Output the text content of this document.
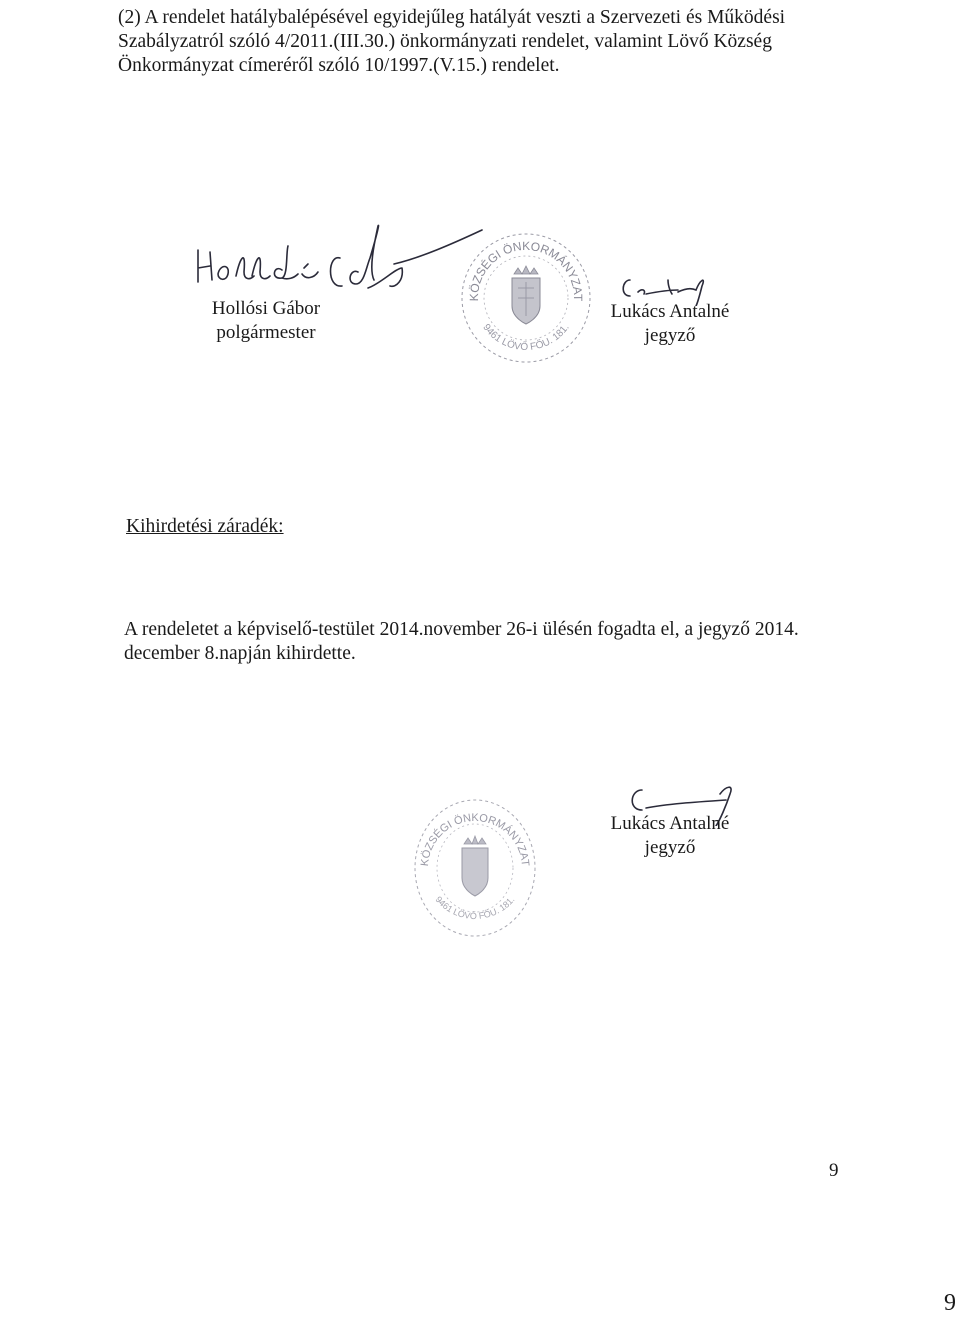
(2) A rendelet hatálybalépésével egyidejűleg hatályát veszti a Szervezeti és Működési
Szabályzatról szóló 4/2011.(III.30.) önkormányzati rendelet, valamint Lövő Község
Önkormányzat címeréről szóló 10/1997.(V.15.) rendelet.
Hollósi Gábor
polgármester
KÖZSÉGI ÖNKORMÁNYZAT
9461 LÖVŐ FŐU. 181.
Lukács Antalné
jegyző
Kihirdetési záradék:
A rendeletet a képviselő-testület 2014.november 26-i ülésén fogadta el, a jegyző 2014.
december 8.napján kihirdette.
KÖZSÉGI ÖNKORMÁNYZAT
9461 LÖVŐ FŐU. 181.
Lukács Antalné
jegyző
9
9
